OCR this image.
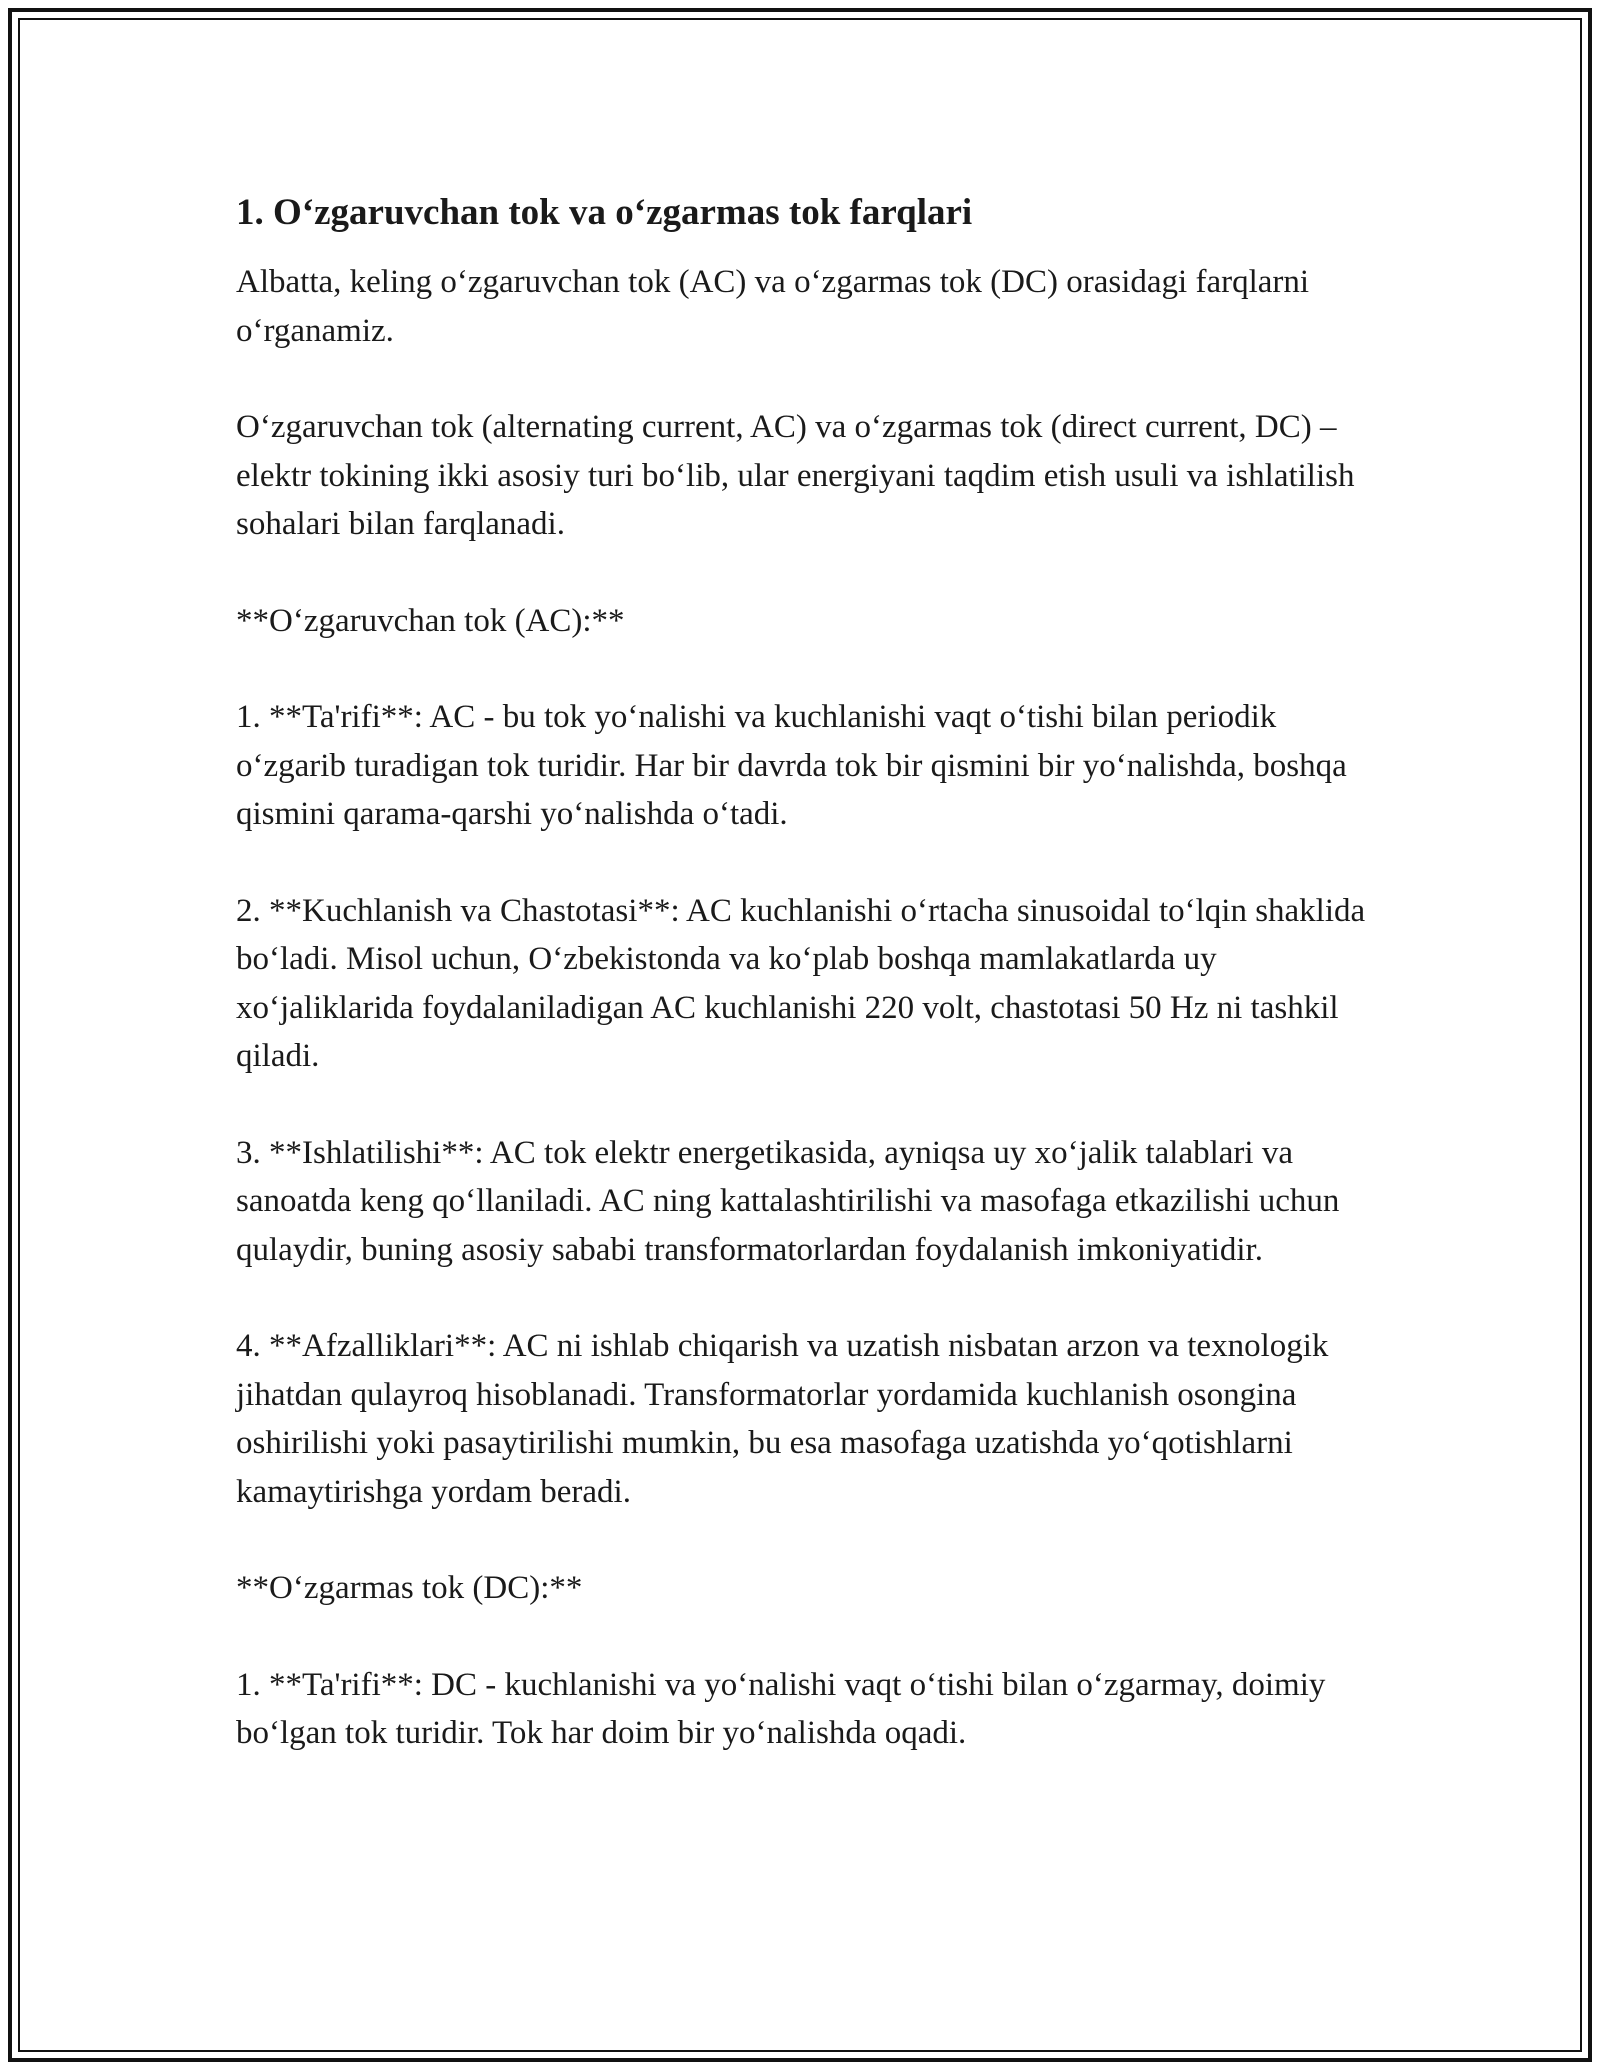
1. O‘zgaruvchan tok va o‘zgarmas tok farqlari

Albatta, keling o‘zgaruvchan tok (AC) va o‘zgarmas tok (DC) orasidagi farqlarni o‘rganamiz.

O‘zgaruvchan tok (alternating current, AC) va o‘zgarmas tok (direct current, DC) – elektr tokining ikki asosiy turi bo‘lib, ular energiyani taqdim etish usuli va ishlatilish sohalari bilan farqlanadi.

**O‘zgaruvchan tok (AC):**

1. **Ta'rifi**: AC - bu tok yo‘nalishi va kuchlanishi vaqt o‘tishi bilan periodik o‘zgarib turadigan tok turidir. Har bir davrda tok bir qismini bir yo‘nalishda, boshqa qismini qarama-qarshi yo‘nalishda o‘tadi.

2. **Kuchlanish va Chastotasi**: AC kuchlanishi o‘rtacha sinusoidal to‘lqin shaklida bo‘ladi. Misol uchun, O‘zbekistonda va ko‘plab boshqa mamlakatlarda uy xo‘jaliklarida foydalaniladigan AC kuchlanishi 220 volt, chastotasi 50 Hz ni tashkil qiladi.

3. **Ishlatilishi**: AC tok elektr energetikasida, ayniqsa uy xo‘jalik talablari va sanoatda keng qo‘llaniladi. AC ning kattalashtirilishi va masofaga etkazilishi uchun qulaydir, buning asosiy sababi transformatorlardan foydalanish imkoniyatidir.

4. **Afzalliklari**: AC ni ishlab chiqarish va uzatish nisbatan arzon va texnologik jihatdan qulayroq hisoblanadi. Transformatorlar yordamida kuchlanish osongina oshirilishi yoki pasaytirilishi mumkin, bu esa masofaga uzatishda yo‘qotishlarni kamaytirishga yordam beradi.

**O‘zgarmas tok (DC):**

1. **Ta'rifi**: DC - kuchlanishi va yo‘nalishi vaqt o‘tishi bilan o‘zgarmay, doimiy bo‘lgan tok turidir. Tok har doim bir yo‘nalishda oqadi.
